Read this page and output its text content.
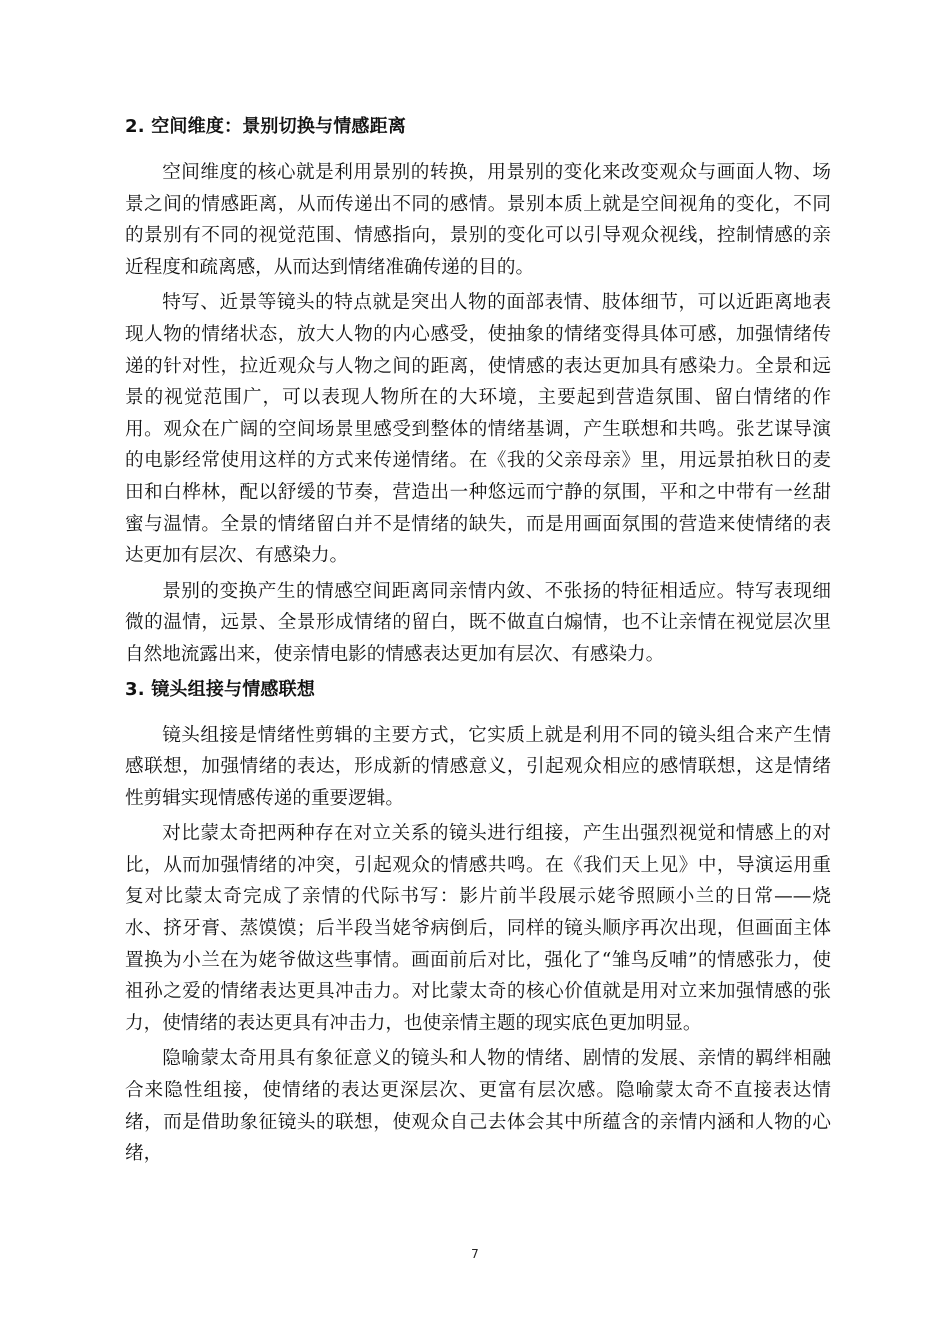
2. 空间维度：景别切换与情感距离

空间维度的核心就是利用景别的转换，用景别的变化来改变观众与画面人物、场景之间的情感距离，从而传递出不同的感情。景别本质上就是空间视角的变化，不同的景别有不同的视觉范围、情感指向，景别的变化可以引导观众视线，控制情感的亲近程度和疏离感，从而达到情绪准确传递的目的。

特写、近景等镜头的特点就是突出人物的面部表情、肢体细节，可以近距离地表现人物的情绪状态，放大人物的内心感受，使抽象的情绪变得具体可感，加强情绪传递的针对性，拉近观众与人物之间的距离，使情感的表达更加具有感染力。全景和远景的视觉范围广，可以表现人物所在的大环境，主要起到营造氛围、留白情绪的作用。观众在广阔的空间场景里感受到整体的情绪基调，产生联想和共鸣。张艺谋导演的电影经常使用这样的方式来传递情绪。在《我的父亲母亲》里，用远景拍秋日的麦田和白桦林，配以舒缓的节奏，营造出一种悠远而宁静的氛围，平和之中带有一丝甜蜜与温情。全景的情绪留白并不是情绪的缺失，而是用画面氛围的营造来使情绪的表达更加有层次、有感染力。

景别的变换产生的情感空间距离同亲情内敛、不张扬的特征相适应。特写表现细微的温情，远景、全景形成情绪的留白，既不做直白煽情，也不让亲情在视觉层次里自然地流露出来，使亲情电影的情感表达更加有层次、有感染力。

3. 镜头组接与情感联想

镜头组接是情绪性剪辑的主要方式，它实质上就是利用不同的镜头组合来产生情感联想，加强情绪的表达，形成新的情感意义，引起观众相应的感情联想，这是情绪性剪辑实现情感传递的重要逻辑。

对比蒙太奇把两种存在对立关系的镜头进行组接，产生出强烈视觉和情感上的对比，从而加强情绪的冲突，引起观众的情感共鸣。在《我们天上见》中，导演运用重复对比蒙太奇完成了亲情的代际书写：影片前半段展示姥爷照顾小兰的日常——烧水、挤牙膏、蒸馍馍；后半段当姥爷病倒后，同样的镜头顺序再次出现，但画面主体置换为小兰在为姥爷做这些事情。画面前后对比，强化了“雏鸟反哺”的情感张力，使祖孙之爱的情绪表达更具冲击力。对比蒙太奇的核心价值就是用对立来加强情感的张力，使情绪的表达更具有冲击力，也使亲情主题的现实底色更加明显。

隐喻蒙太奇用具有象征意义的镜头和人物的情绪、剧情的发展、亲情的羁绊相融合来隐性组接，使情绪的表达更深层次、更富有层次感。隐喻蒙太奇不直接表达情绪，而是借助象征镜头的联想，使观众自己去体会其中所蕴含的亲情内涵和人物的心绪，

7
